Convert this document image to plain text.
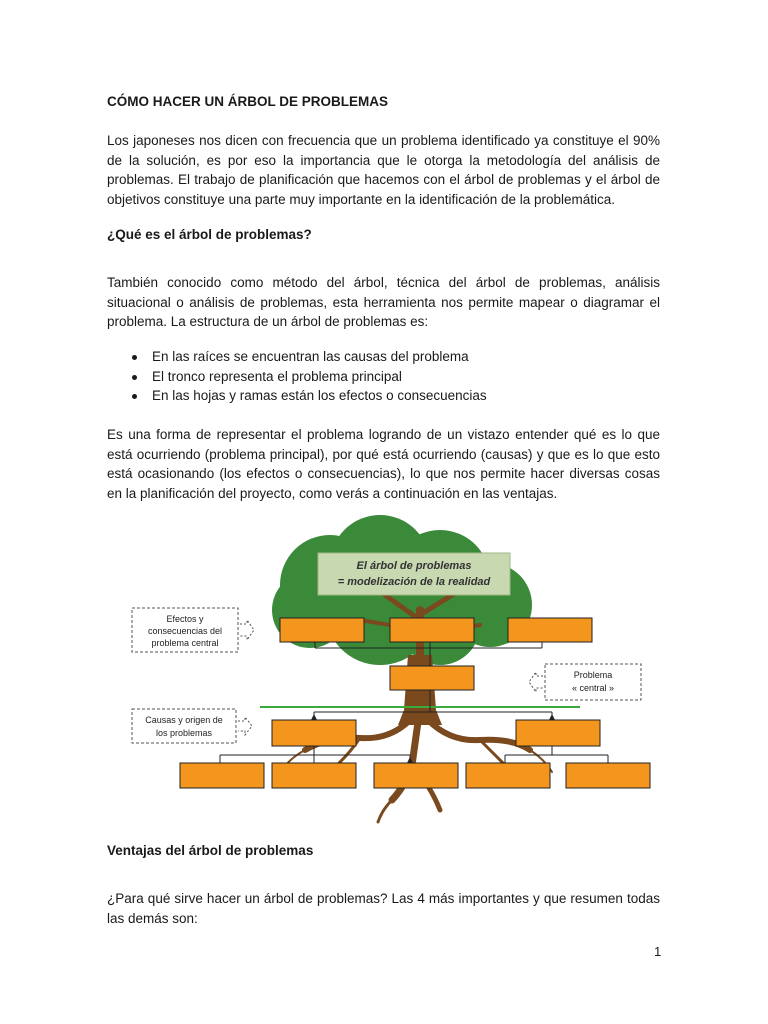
CÓMO HACER UN ÁRBOL DE PROBLEMAS

Los japoneses nos dicen con frecuencia que un problema identificado ya constituye el 90% de la solución, es por eso la importancia que le otorga la metodología del análisis de problemas. El trabajo de planificación que hacemos con el árbol de problemas y el árbol de objetivos constituye una parte muy importante en la identificación de la problemática.

¿Qué es el árbol de problemas?

También conocido como método del árbol, técnica del árbol de problemas, análisis situacional o análisis de problemas, esta herramienta nos permite mapear o diagramar el problema. La estructura de un árbol de problemas es:

En las raíces se encuentran las causas del problema
El tronco representa el problema principal
En las hojas y ramas están los efectos o consecuencias

Es una forma de representar el problema logrando de un vistazo entender qué es lo que está ocurriendo (problema principal), por qué está ocurriendo (causas) y que es lo que esto está ocasionando (los efectos o consecuencias), lo que nos permite hacer diversas cosas en la planificación del proyecto, como verás a continuación en las ventajas.

Ventajas del árbol de problemas

¿Para qué sirve hacer un árbol de problemas? Las 4 más importantes y que resumen todas las demás son:

El árbol de problemas
= modelización de la realidad
Efectos y
consecuencias del
problema central
Problema
« central »
Causas y origen de
los problemas
1
